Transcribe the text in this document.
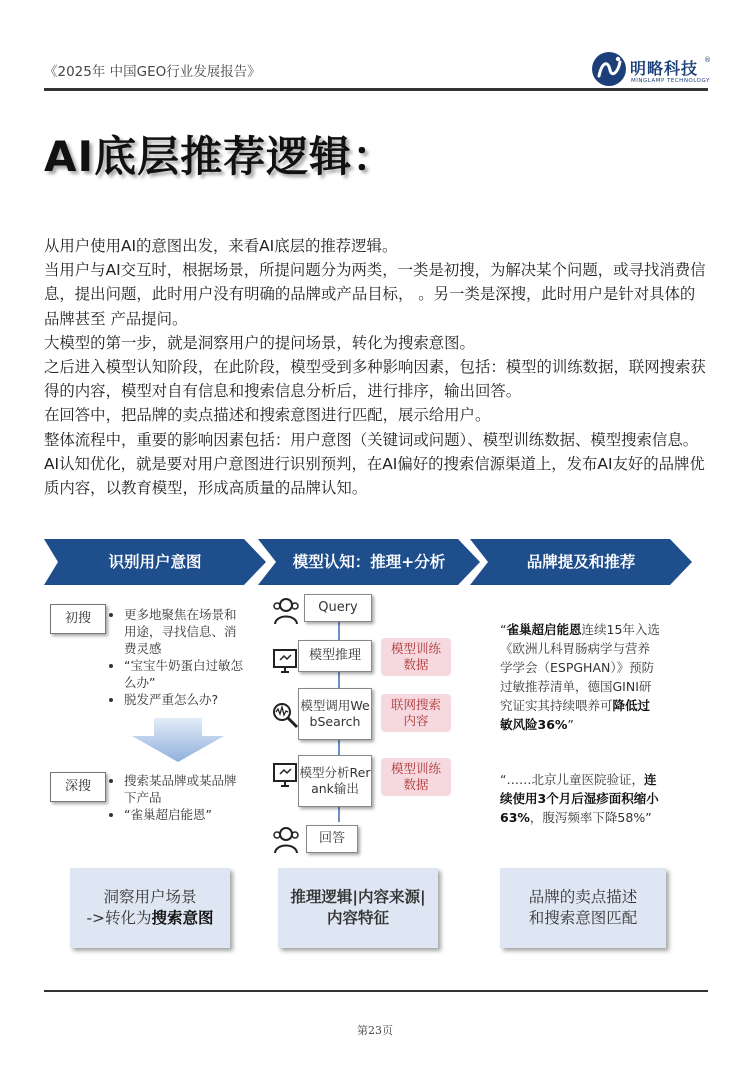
《2025年 中国GEO行业发展报告》	明略科技 ®
MINGLAMP TECHNOLOGY
AI底层推荐逻辑：

从用户使用AI的意图出发，来看AI底层的推荐逻辑。

当用户与AI交互时，根据场景，所提问题分为两类，一类是初搜，为解决某个问题，或寻找消费信息，提出问题，此时用户没有明确的品牌或产品目标， 。另一类是深搜，此时用户是针对具体的品牌甚至 产品提问。

大模型的第一步，就是洞察用户的提问场景，转化为搜索意图。

之后进入模型认知阶段，在此阶段，模型受到多种影响因素，包括：模型的训练数据，联网搜索获得的内容，模型对自有信息和搜索信息分析后，进行排序，输出回答。

在回答中，把品牌的卖点描述和搜索意图进行匹配，展示给用户。

整体流程中，重要的影响因素包括：用户意图（关键词或问题）、模型训练数据、模型搜索信息。

AI认知优化，就是要对用户意图进行识别预判，在AI偏好的搜索信源渠道上，发布AI友好的品牌优质内容，以教育模型，形成高质量的品牌认知。

识别用户意图	模型认知：推理+分析	品牌提及和推荐
初搜	• 更多地聚焦在场景和用途，寻找信息、消费灵感
• “宝宝牛奶蛋白过敏怎么办”
• 脱发严重怎么办?
深搜	• 搜索某品牌或某品牌下产品
• “雀巢超启能恩”
洞察用户场景
->转化为搜索意图
Query
模型推理	模型训练数据
模型调用WebSearch
联网搜索内容
模型分析Rerank输出
模型训练数据
回答
推理逻辑|内容来源|
内容特征
“雀巢超启能恩连续15年入选《欧洲儿科胃肠病学与营养学学会（ESPGHAN）》预防过敏推荐清单，德国GINI研究证实其持续喂养可降低过敏风险36%”
“……北京儿童医院验证，连续使用3个月后湿疹面积缩小63%，腹泻频率下降58%”
品牌的卖点描述和搜索意图匹配
第23页
